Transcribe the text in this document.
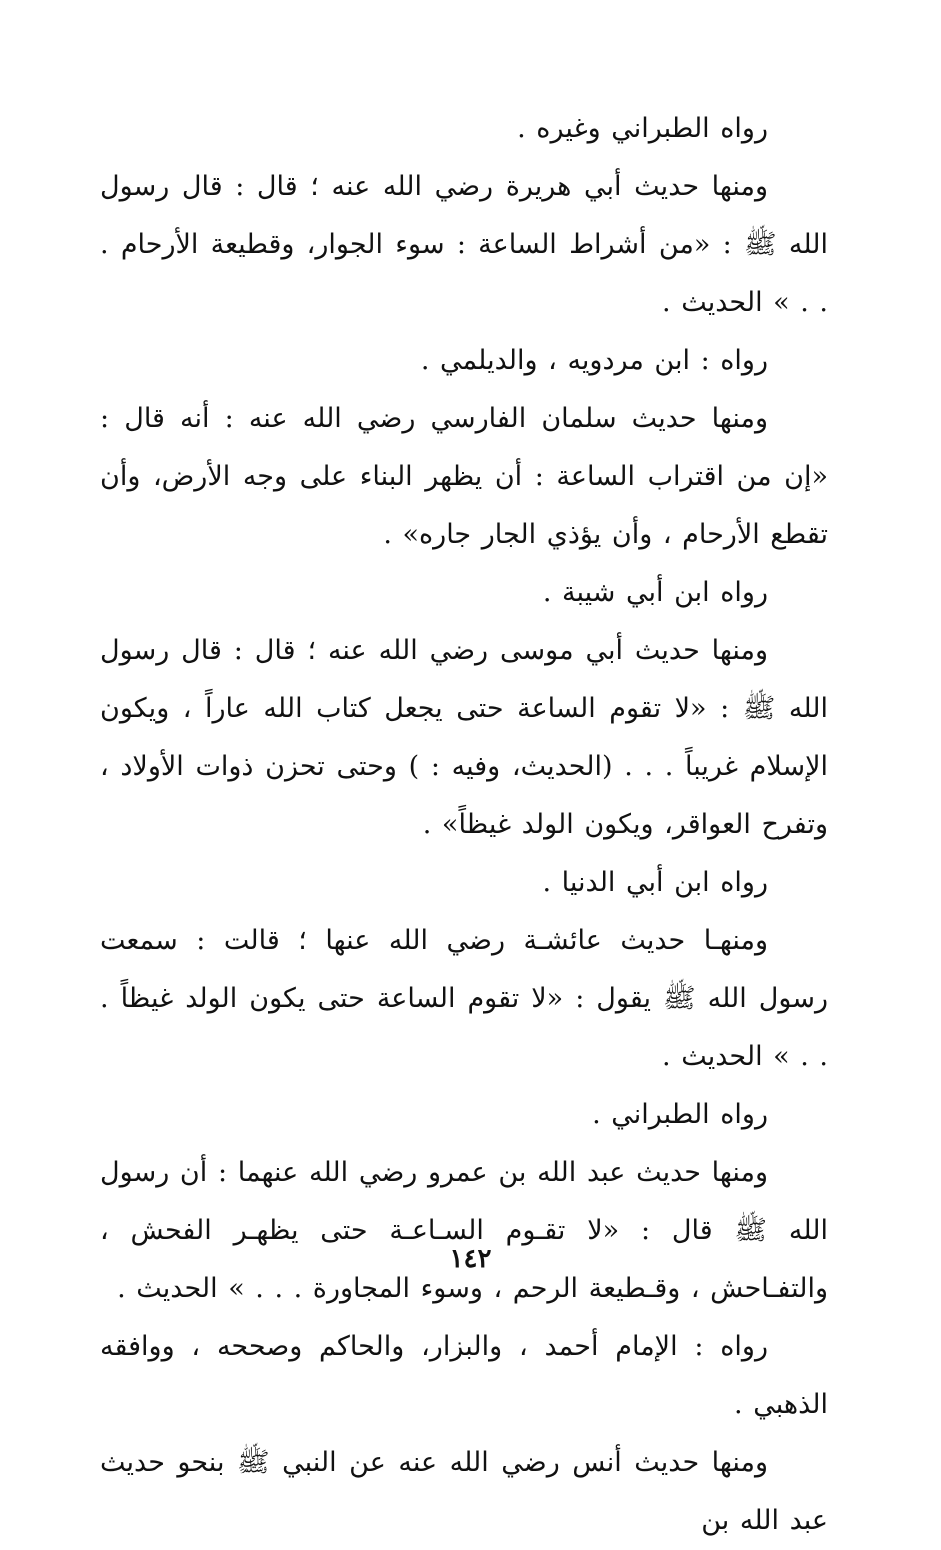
رواه الطبراني وغيره .

ومنها حديث أبي هريرة رضي الله عنه ؛ قال : قال رسول الله ﷺ : «من أشراط الساعة : سوء الجوار، وقطيعة الأرحام . . . » الحديث .

رواه : ابن مردويه ، والديلمي .

ومنها حديث سلمان الفارسي رضي الله عنه : أنه قال : «إن من اقتراب الساعة : أن يظهر البناء على وجه الأرض، وأن تقطع الأرحام ، وأن يؤذي الجار جاره» .

رواه ابن أبي شيبة .

ومنها حديث أبي موسى رضي الله عنه ؛ قال : قال رسول الله ﷺ : «لا تقوم الساعة حتى يجعل كتاب الله عاراً ، ويكون الإسلام غريباً . . . (الحديث، وفيه : ) وحتى تحزن ذوات الأولاد ، وتفرح العواقر، ويكون الولد غيظاً» .

رواه ابن أبي الدنيا .

ومنهـا حديث عائشـة رضي الله عنها ؛ قالت : سمعت رسول الله ﷺ يقول : «لا تقوم الساعة حتى يكون الولد غيظاً . . . » الحديث .

رواه الطبراني .

ومنها حديث عبد الله بن عمرو رضي الله عنهما : أن رسول الله ﷺ قال : «لا تقـوم السـاعـة حتى يظهـر الفحش ، والتفـاحش ، وقـطيعة الرحم ، وسوء المجاورة . . . » الحديث .

رواه : الإمام أحمد ، والبزار، والحاكم وصححه ، ووافقه الذهبي .

ومنها حديث أنس رضي الله عنه عن النبي ﷺ بنحو حديث عبد الله بن

١٤٢
